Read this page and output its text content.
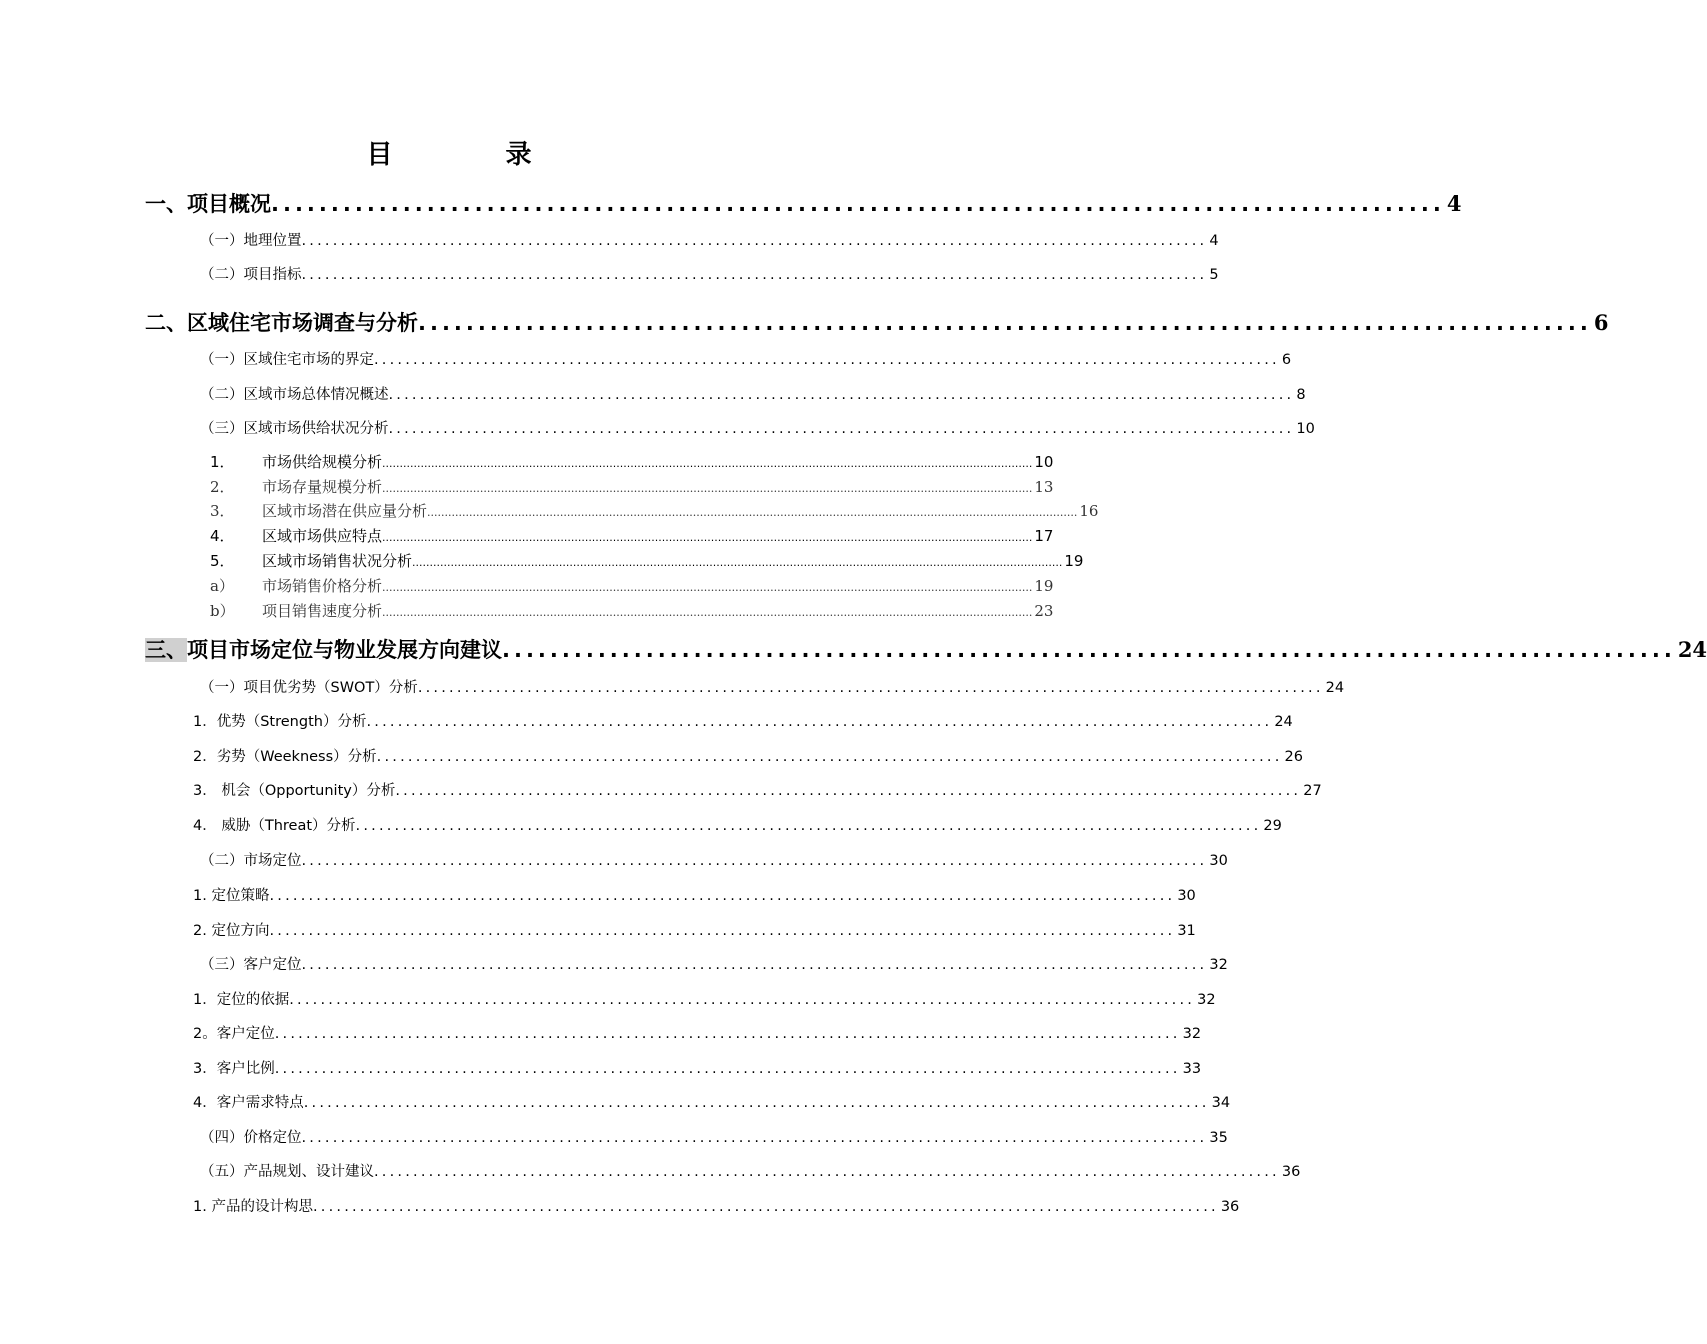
目 录
一、项目概况 .................................................................................................. 4
（一）地理位置 .................................................................................................................... 4
（二）项目指标 .................................................................................................................... 5
二、区域住宅市场调查与分析 .................................................................................................. 6
（一）区域住宅市场的界定 .................................................................................................................... 6
（二）区域市场总体情况概述 .................................................................................................................... 8
（三）区域市场供给状况分析 .................................................................................................................... 10
1． 市场供给规模分析 .......................................................................................................................................................................................... 10
2． 市场存量规模分析 .......................................................................................................................................................................................... 13
3． 区域市场潜在供应量分析 .......................................................................................................................................................................................... 16
4． 区域市场供应特点 .......................................................................................................................................................................................... 17
5． 区域市场销售状况分析 .......................................................................................................................................................................................... 19
a） 市场销售价格分析 .......................................................................................................................................................................................... 19
b） 项目销售速度分析 .......................................................................................................................................................................................... 23
三、项目市场定位与物业发展方向建议 .................................................................................................. 24
（一）项目优劣势（SWOT）分析 .................................................................................................................... 24
1．优势（Strength）分析 .................................................................................................................... 24
2．劣势（Weekness）分析 .................................................................................................................... 26
3． 机会（Opportunity）分析 .................................................................................................................... 27
4． 威胁（Threat）分析 .................................................................................................................... 29
（二）市场定位 .................................................................................................................... 30
1. 定位策略 .................................................................................................................... 30
2. 定位方向 .................................................................................................................... 31
（三）客户定位 .................................................................................................................... 32
1．定位的依据 .................................................................................................................... 32
2。客户定位 .................................................................................................................... 32
3．客户比例 .................................................................................................................... 33
4．客户需求特点 .................................................................................................................... 34
（四）价格定位 .................................................................................................................... 35
（五）产品规划、设计建议 .................................................................................................................... 36
1. 产品的设计构思 .................................................................................................................... 36
